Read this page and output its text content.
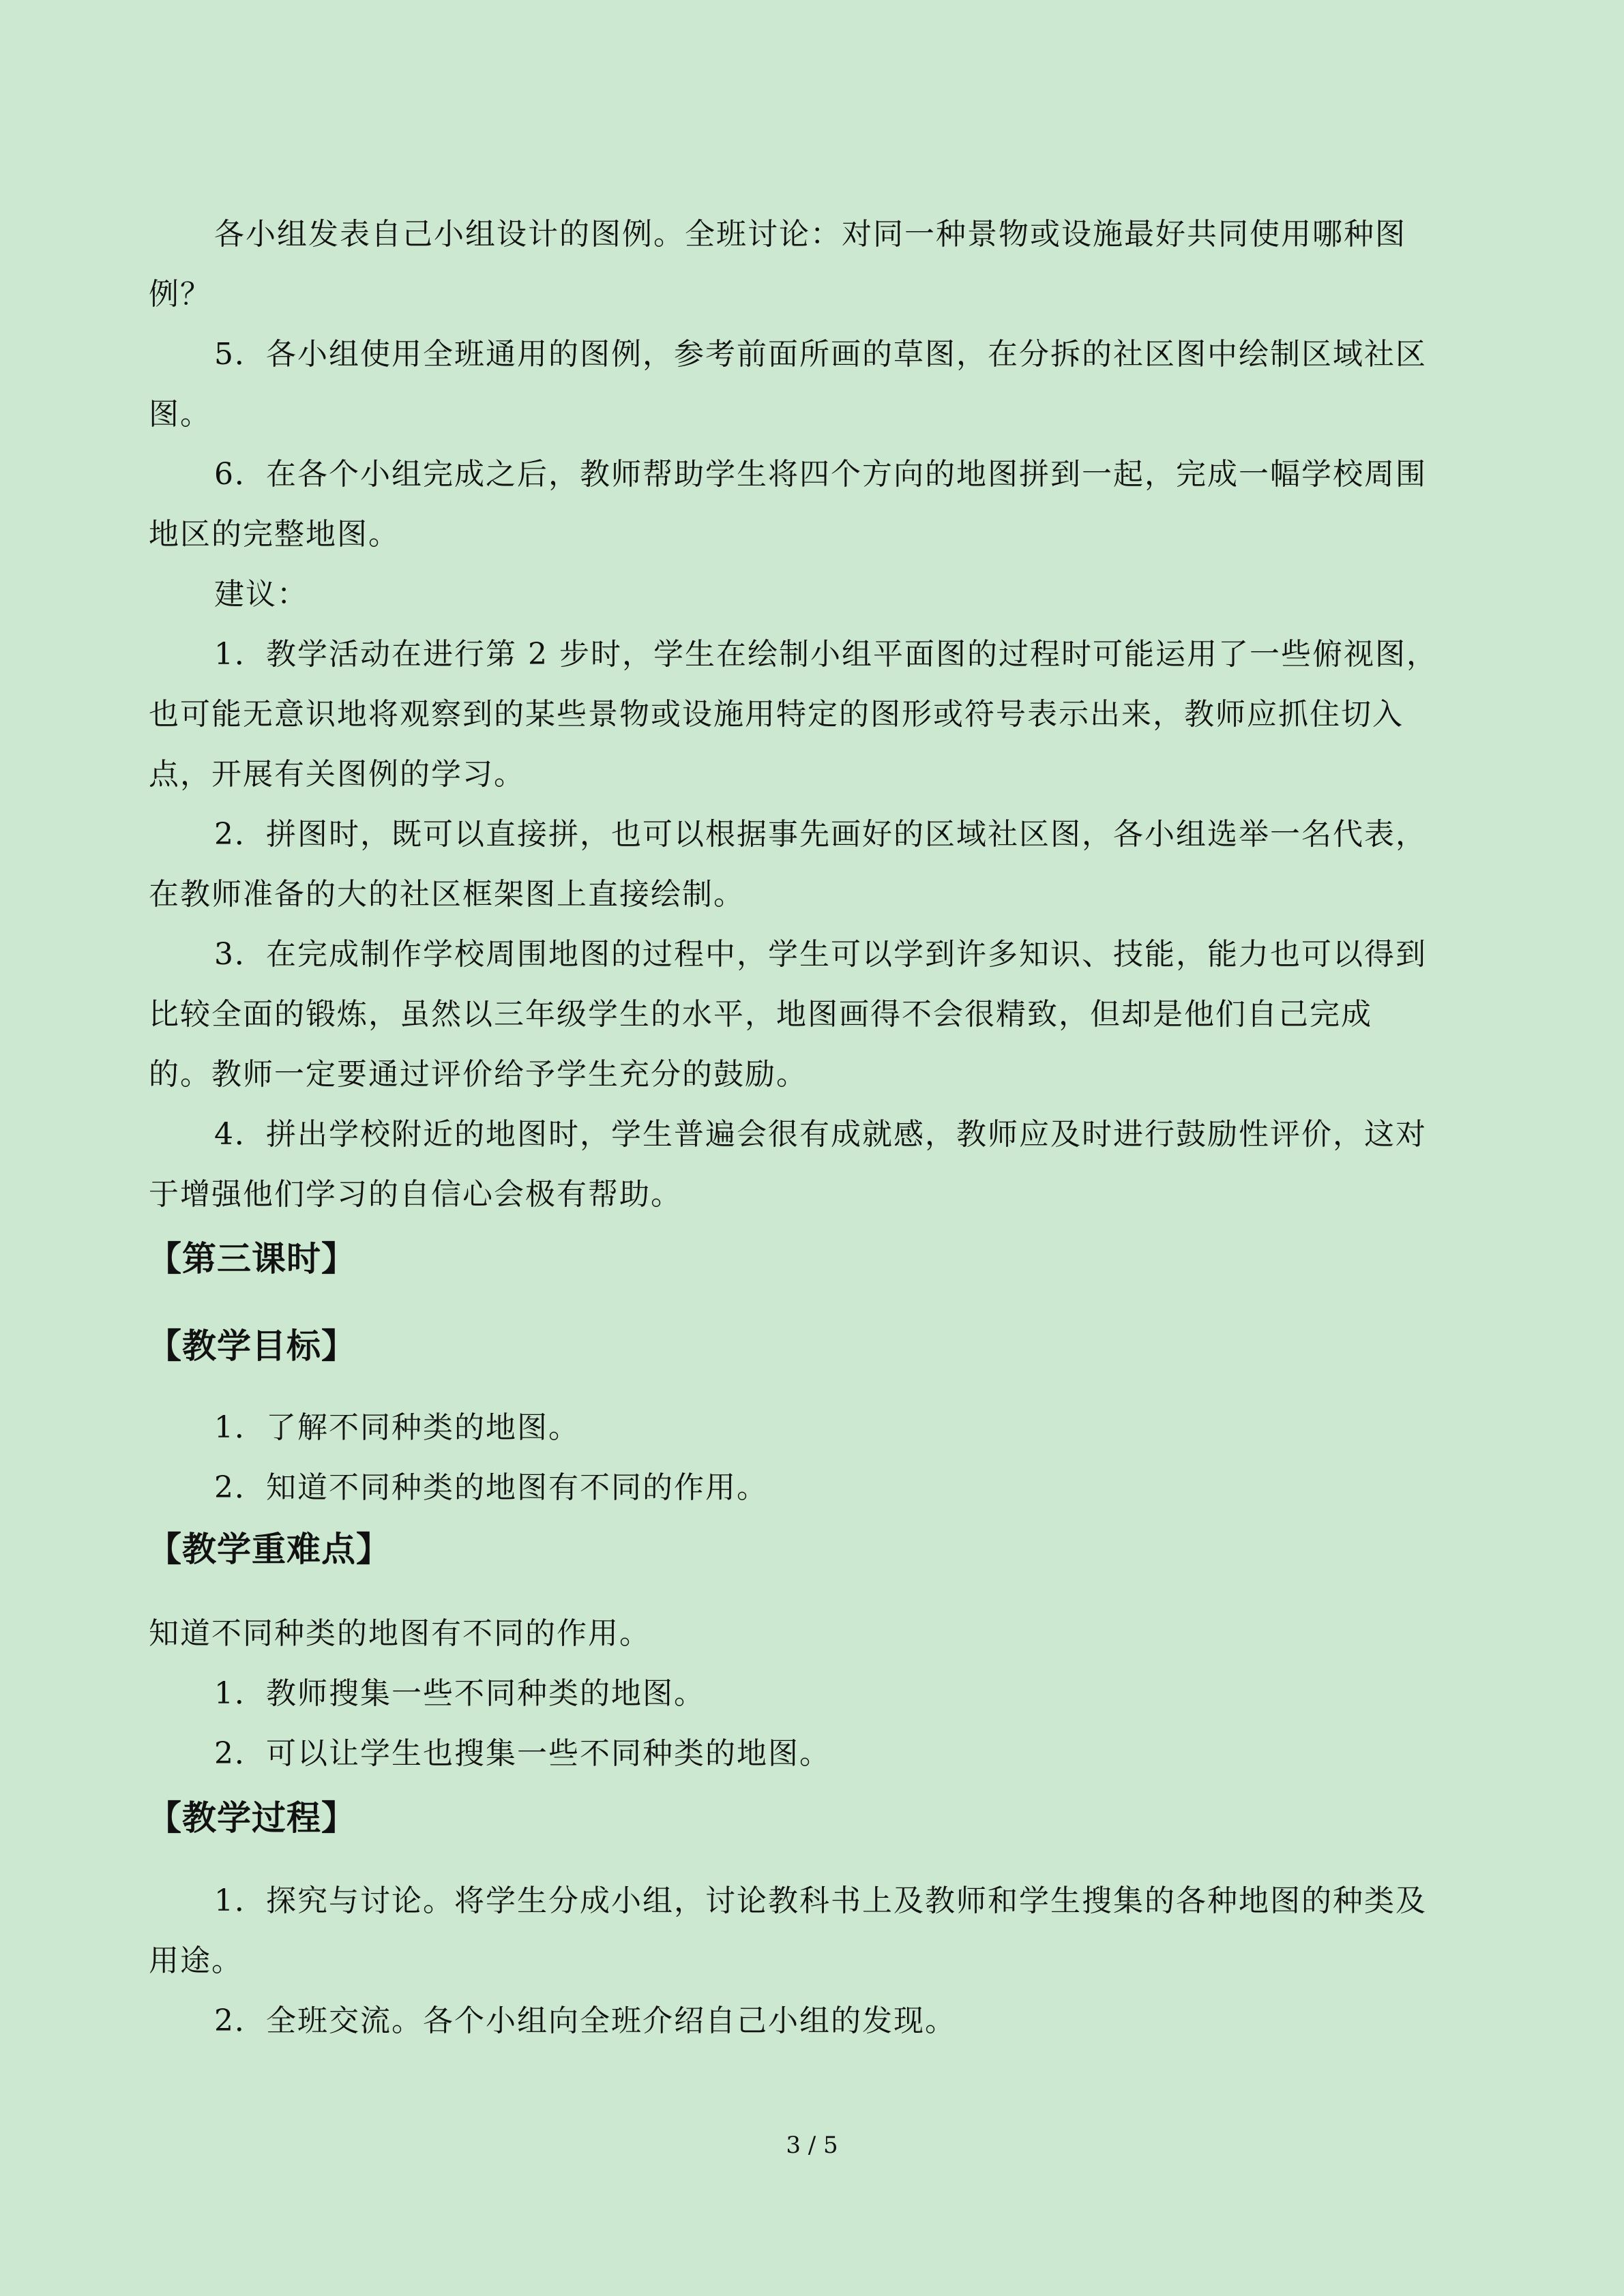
各小组发表自己小组设计的图例。全班讨论：对同一种景物或设施最好共同使用哪种图
例？
5．各小组使用全班通用的图例，参考前面所画的草图，在分拆的社区图中绘制区域社区
图。
6．在各个小组完成之后，教师帮助学生将四个方向的地图拼到一起，完成一幅学校周围
地区的完整地图。
建议：
1．教学活动在进行第 2 步时，学生在绘制小组平面图的过程时可能运用了一些俯视图，
也可能无意识地将观察到的某些景物或设施用特定的图形或符号表示出来，教师应抓住切入
点，开展有关图例的学习。
2．拼图时，既可以直接拼，也可以根据事先画好的区域社区图，各小组选举一名代表，
在教师准备的大的社区框架图上直接绘制。
3．在完成制作学校周围地图的过程中，学生可以学到许多知识、技能，能力也可以得到
比较全面的锻炼，虽然以三年级学生的水平，地图画得不会很精致，但却是他们自己完成
的。教师一定要通过评价给予学生充分的鼓励。
4．拼出学校附近的地图时，学生普遍会很有成就感，教师应及时进行鼓励性评价，这对
于增强他们学习的自信心会极有帮助。
【第三课时】
【教学目标】
1．了解不同种类的地图。
2．知道不同种类的地图有不同的作用。
【教学重难点】
知道不同种类的地图有不同的作用。
1．教师搜集一些不同种类的地图。
2．可以让学生也搜集一些不同种类的地图。
【教学过程】
1．探究与讨论。将学生分成小组，讨论教科书上及教师和学生搜集的各种地图的种类及
用途。
2．全班交流。各个小组向全班介绍自己小组的发现。
3 / 5
